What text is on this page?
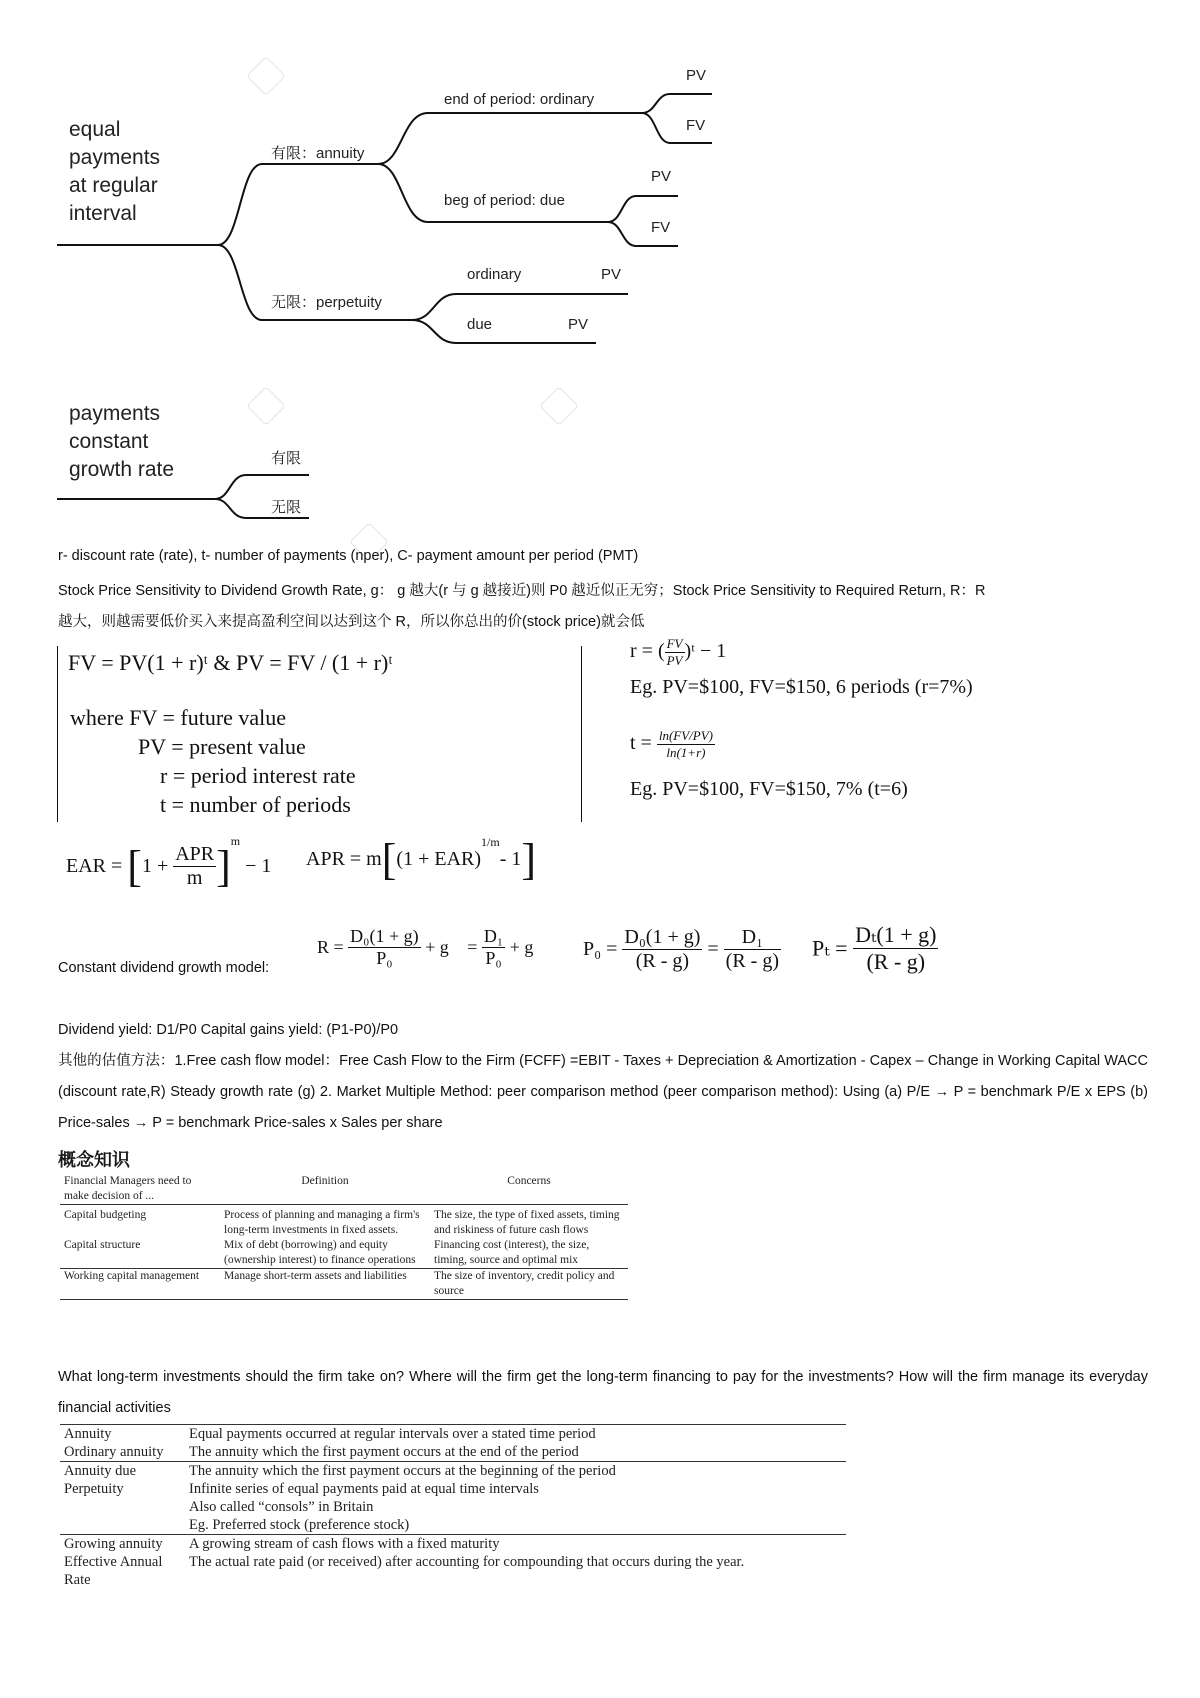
equal
payments
at regular
interval
有限：annuity
end of period: ordinary
beg of period: due
PV
FV
PV
FV
无限：perpetuity
ordinary	PV
due	PV
payments
constant
growth rate	有限
无限
r- discount rate (rate), t- number of payments (nper), C- payment amount per period (PMT)
Stock Price Sensitivity to Dividend Growth Rate, g： g 越大(r 与 g 越接近)则 P0 越近似正无穷；Stock Price Sensitivity to Required Return, R：R
越大，则越需要低价买入来提高盈利空间以达到这个 R，所以你总出的价(stock price)就会低
FV = PV(1 + r)ᵗ & PV = FV / (1 + r)ᵗ
where FV = future value
PV = present value
r = period interest rate
t = number of periods
r = ( $\frac{FV}{PV}$ )ᵗ − 1
Eg. PV=$100, FV=$150, 6 periods (r=7%)
$t = \frac{\ln(FV/PV)}{\ln(1+r)}$
Eg. PV=$100, FV=$150, 7% (t=6)
EAR = $[1 + \frac{\text{APR}}{m} ]^m - 1$ APR = m[(1 + EAR)$^{1/m}$- 1]
Constant dividend growth model:
$R = \frac{\text{D₀(1 + g)}}{\text{P₀}} + g = \frac{\text{D₁}}{\text{P₀}} + g$ $P_0 = \frac{\text{D₀(1 + g)}}{(R - g)} = \frac{\text{D₁}}{(R - g)}$ $P_t = \frac{\text{Dₜ(1 + g)}}{(R - g)}$
Dividend yield: D1/P0 Capital gains yield: (P1-P0)/P0
其他的估值方法：1.Free cash flow model：Free Cash Flow to the Firm (FCFF) =EBIT - Taxes + Depreciation & Amortization - Capex – Change in Working Capital WACC (discount rate,R) Steady growth rate (g) 2. Market Multiple Method: peer comparison method (peer comparison method): Using (a) P/E → P = benchmark P/E x EPS (b) Price-sales → P = benchmark Price-sales x Sales per share
概念知识
Financial Managers need to make decision of ...	Definition	Concerns
Capital budgeting	Process of planning and managing a firm's long-term investments in fixed assets.	The size, the type of fixed assets, timing and riskiness of future cash flows
Capital structure	Mix of debt (borrowing) and equity (ownership interest) to finance operations	Financing cost (interest), the size, timing, source and optimal mix
Working capital management	Manage short-term assets and liabilities	The size of inventory, credit policy and source
What long-term investments should the firm take on? Where will the firm get the long-term financing to pay for the investments? How will the firm manage its everyday financial activities
Annuity	Equal payments occurred at regular intervals over a stated time period
Ordinary annuity	The annuity which the first payment occurs at the end of the period
Annuity due	The annuity which the first payment occurs at the beginning of the period
Perpetuity	Infinite series of equal payments paid at equal time intervals
	Also called “consols” in Britain
	Eg. Preferred stock (preference stock)
Growing annuity	A growing stream of cash flows with a fixed maturity
Effective Annual Rate	The actual rate paid (or received) after accounting for compounding that occurs during the year.
